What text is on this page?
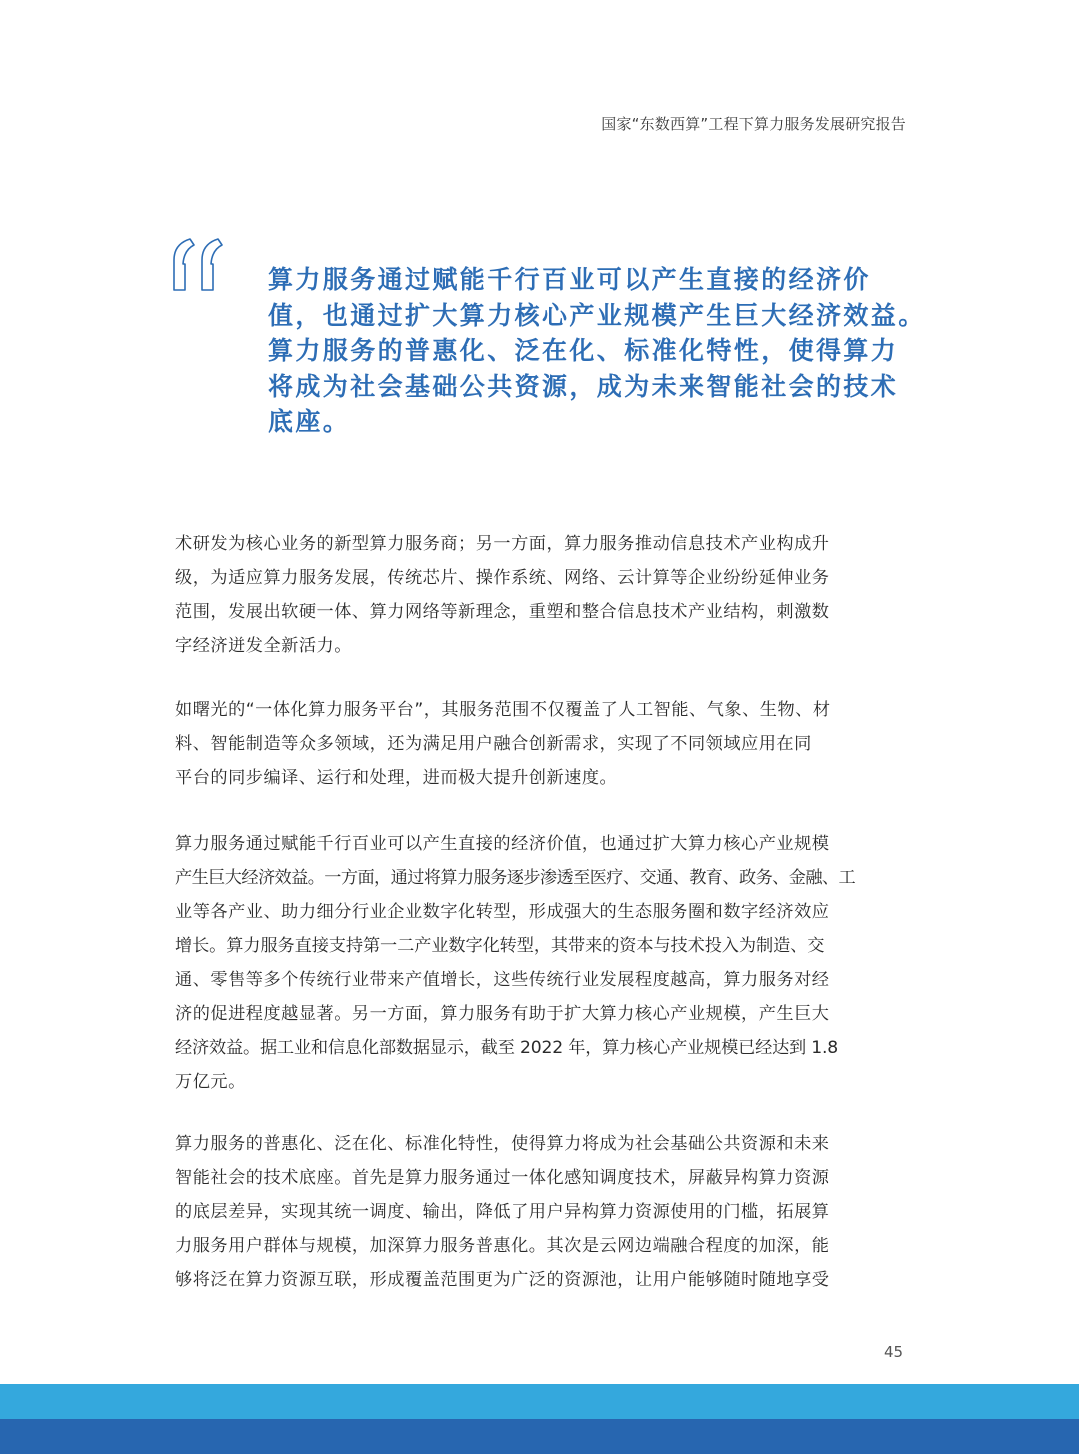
国家“东数西算”工程下算力服务发展研究报告
算力服务通过赋能千行百业可以产生直接的经济价
值，也通过扩大算力核心产业规模产生巨大经济效益。
算力服务的普惠化、泛在化、标准化特性，使得算力
将成为社会基础公共资源，成为未来智能社会的技术
底座。
术研发为核心业务的新型算力服务商；另一方面，算力服务推动信息技术产业构成升
级，为适应算力服务发展，传统芯片、操作系统、网络、云计算等企业纷纷延伸业务
范围，发展出软硬一体、算力网络等新理念，重塑和整合信息技术产业结构，刺激数
字经济迸发全新活力。
如曙光的“一体化算力服务平台”，其服务范围不仅覆盖了人工智能、气象、生物、材
料、智能制造等众多领域，还为满足用户融合创新需求，实现了不同领域应用在同
平台的同步编译、运行和处理，进而极大提升创新速度。
算力服务通过赋能千行百业可以产生直接的经济价值，也通过扩大算力核心产业规模
产生巨大经济效益。一方面，通过将算力服务逐步渗透至医疗、交通、教育、政务、金融、工
业等各产业、助力细分行业企业数字化转型，形成强大的生态服务圈和数字经济效应
增长。算力服务直接支持第一二产业数字化转型，其带来的资本与技术投入为制造、交
通、零售等多个传统行业带来产值增长，这些传统行业发展程度越高，算力服务对经
济的促进程度越显著。另一方面，算力服务有助于扩大算力核心产业规模，产生巨大
经济效益。据工业和信息化部数据显示，截至 2022 年，算力核心产业规模已经达到 1.8
万亿元。
算力服务的普惠化、泛在化、标准化特性，使得算力将成为社会基础公共资源和未来
智能社会的技术底座。首先是算力服务通过一体化感知调度技术，屏蔽异构算力资源
的底层差异，实现其统一调度、输出，降低了用户异构算力资源使用的门槛，拓展算
力服务用户群体与规模，加深算力服务普惠化。其次是云网边端融合程度的加深，能
够将泛在算力资源互联，形成覆盖范围更为广泛的资源池，让用户能够随时随地享受
45
